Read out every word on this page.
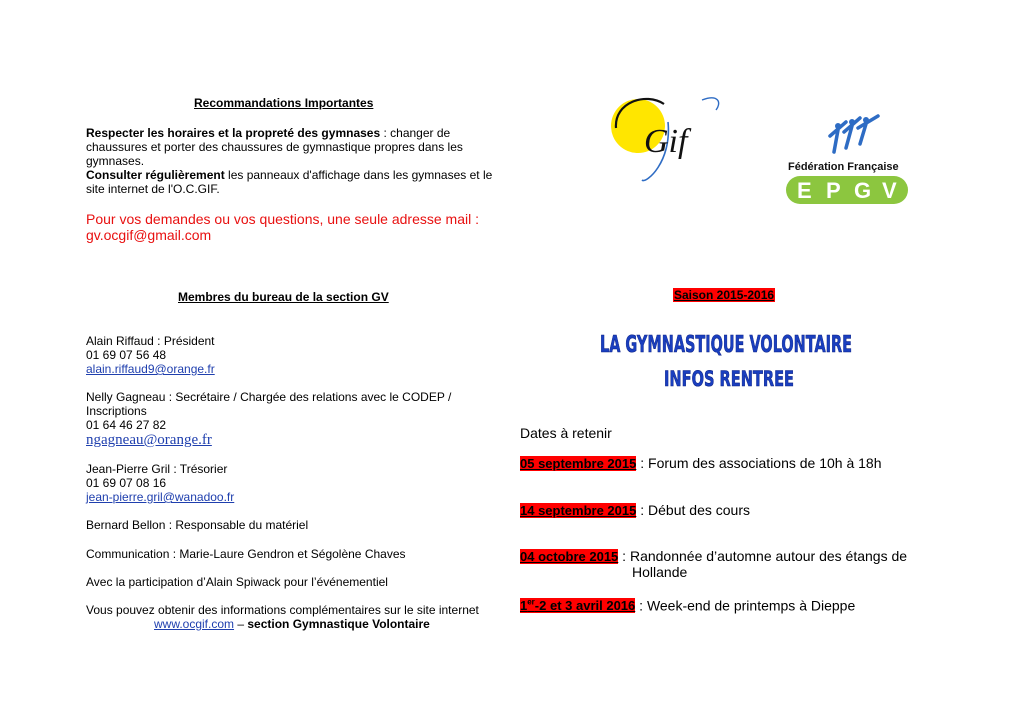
Recommandations Importantes
Respecter les horaires et la propreté des gymnases : changer de chaussures et porter des chaussures de gymnastique propres dans les gymnases.
Consulter régulièrement les panneaux d'affichage dans les gymnases et le site internet de l'O.C.GIF.
Pour vos demandes ou vos questions, une seule adresse mail :
gv.ocgif@gmail.com
Membres du bureau de la section GV
Alain Riffaud : Président
01 69 07 56 48
alain.riffaud9@orange.fr
Nelly Gagneau : Secrétaire / Chargée des relations avec le CODEP /
Inscriptions
01 64 46 27 82
ngagneau@orange.fr
Jean-Pierre Gril : Trésorier
01 69 07 08 16
jean-pierre.gril@wanadoo.fr
Bernard Bellon : Responsable du matériel
Communication : Marie-Laure Gendron et Ségolène Chaves
Avec la participation d’Alain Spiwack pour l’événementiel
Vous pouvez obtenir des informations complémentaires sur le site internet
www.ocgif.com – section Gymnastique Volontaire
Gif
Fédération Française
E P G V
Saison 2015-2016
LA GYMNASTIQUE VOLONTAIRE
INFOS RENTREE
Dates à retenir
05 septembre 2015 : Forum des associations de 10h à 18h
14 septembre 2015 : Début des cours
04 octobre 2015 : Randonnée d’automne autour des étangs de
Hollande
1er-2 et 3 avril 2016 : Week-end de printemps à Dieppe
